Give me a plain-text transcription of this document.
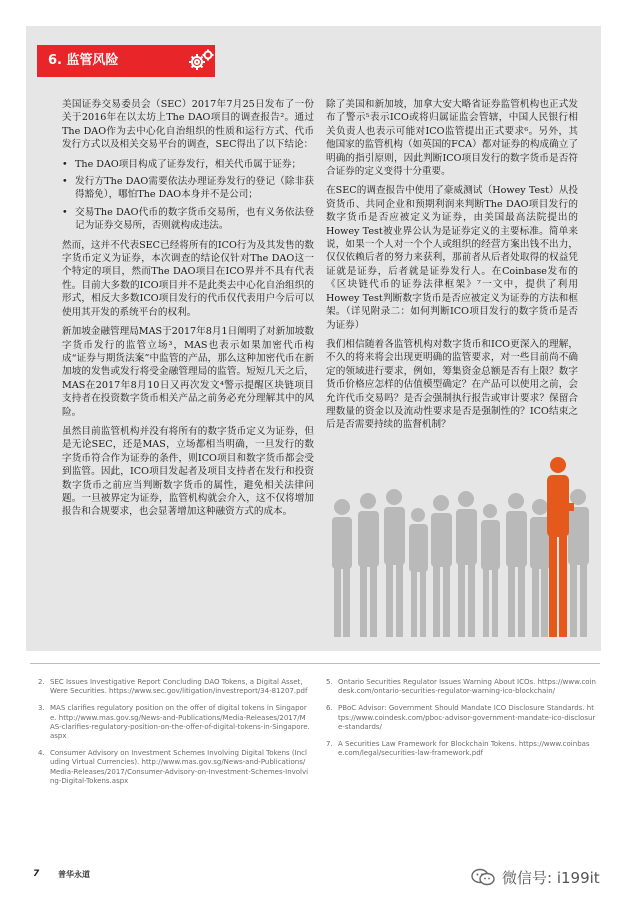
6. 监管风险

美国证券交易委员会（SEC）2017年7月25日发布了一份关于2016年在以太坊上The DAO项目的调查报告²。通过The DAO作为去中心化自治组织的性质和运行方式、代币发行方式以及相关交易平台的调查，SEC得出了以下结论：

• The DAO项目构成了证券发行，相关代币属于证券；
• 发行方The DAO需要依法办理证券发行的登记（除非获得豁免），哪怕The DAO本身并不是公司；
• 交易The DAO代币的数字货币交易所，也有义务依法登记为证券交易所，否则就构成违法。

然而，这并不代表SEC已经将所有的ICO行为及其发售的数字货币定义为证券，本次调查的结论仅针对The DAO这一个特定的项目，然而The DAO项目在ICO界并不具有代表性。目前大多数的ICO项目并不是此类去中心化自治组织的形式，相反大多数ICO项目发行的代币仅代表用户今后可以使用其开发的系统平台的权利。

新加坡金融管理局MAS于2017年8月1日阐明了对新加坡数字货币发行的监管立场³，MAS也表示如果加密代币构成“证券与期货法案”中监管的产品，那么这种加密代币在新加坡的发售或发行将受金融管理局的监管。短短几天之后，MAS在2017年8月10日又再次发文⁴警示提醒区块链项目支持者在投资数字货币相关产品之前务必充分理解其中的风险。

虽然目前监管机构并没有将所有的数字货币定义为证券，但是无论SEC，还是MAS，立场都相当明确，一旦发行的数字货币符合作为证券的条件，则ICO项目和数字货币都会受到监管。因此，ICO项目发起者及项目支持者在发行和投资数字货币之前应当判断数字货币的属性，避免相关法律问题。一旦被界定为证券，监管机构就会介入，这不仅将增加报告和合规要求，也会显著增加这种融资方式的成本。

除了美国和新加坡，加拿大安大略省证券监管机构也正式发布了警示⁵表示ICO或将归属证监会管辖，中国人民银行相关负责人也表示可能对ICO监管提出正式要求⁶。另外，其他国家的监管机构（如英国的FCA）都对证券的构成确立了明确的指引原则，因此判断ICO项目发行的数字货币是否符合证券的定义变得十分重要。

在SEC的调查报告中使用了豪威测试（Howey Test）从投资货币、共同企业和预期利润来判断The DAO项目发行的数字货币是否应被定义为证券，由美国最高法院提出的Howey Test被业界公认为是证券定义的主要标准。简单来说，如果一个人对一个个人或组织的经营方案出钱不出力，仅仅依赖后者的努力来获利，那前者从后者处取得的权益凭证就是证券，后者就是证券发行人。在Coinbase发布的《区块链代币的证券法律框架》⁷一文中，提供了利用Howey Test判断数字货币是否应被定义为证券的方法和框架。（详见附录二：如何判断ICO项目发行的数字货币是否为证券）

我们相信随着各监管机构对数字货币和ICO更深入的理解，不久的将来将会出现更明确的监管要求，对一些目前尚不确定的领域进行要求，例如，筹集资金总额是否有上限？数字货币价格应怎样的估值模型确定？在产品可以使用之前，会允许代币交易吗？是否会强制执行报告或审计要求？保留合理数量的资金以及流动性要求是否是强制性的？ICO结束之后是否需要持续的监督机制？

2. SEC Issues Investigative Report Concluding DAO Tokens, a Digital Asset, Were Securities. https://www.sec.gov/litigation/investreport/34-81207.pdf
3. MAS clarifies regulatory position on the offer of digital tokens in Singapore. http://www.mas.gov.sg/News-and-Publications/Media-Releases/2017/MAS-clarifies-regulatory-position-on-the-offer-of-digital-tokens-in-Singapore.aspx
4. Consumer Advisory on Investment Schemes Involving Digital Tokens (Including Virtual Currencies). http://www.mas.gov.sg/News-and-Publications/Media-Releases/2017/Consumer-Advisory-on-Investment-Schemes-Involving-Digital-Tokens.aspx
5. Ontario Securities Regulator Issues Warning About ICOs. https://www.coindesk.com/ontario-securities-regulator-warning-ico-blockchain/
6. PBoC Advisor: Government Should Mandate ICO Disclosure Standards. https://www.coindesk.com/pboc-advisor-government-mandate-ico-disclosure-standards/
7. A Securities Law Framework for Blockchain Tokens. https://www.coinbase.com/legal/securities-law-framework.pdf
7 普华永道	微信号: i199it
